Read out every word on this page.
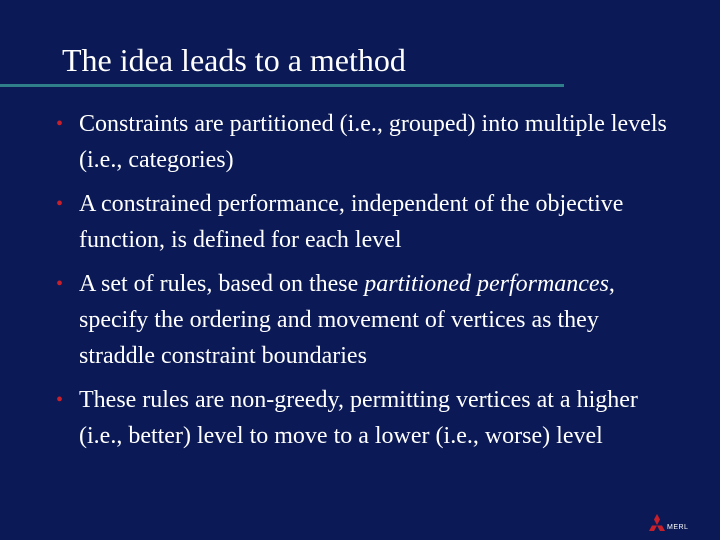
The idea leads to a method
• Constraints are partitioned (i.e., grouped) into multiple levels (i.e., categories)
• A constrained performance, independent of the objective function, is defined for each level
• A set of rules, based on these partitioned performances, specify the ordering and movement of vertices as they straddle constraint boundaries
• These rules are non-greedy, permitting vertices at a higher (i.e., better) level to move to a lower (i.e., worse) level
MERL
